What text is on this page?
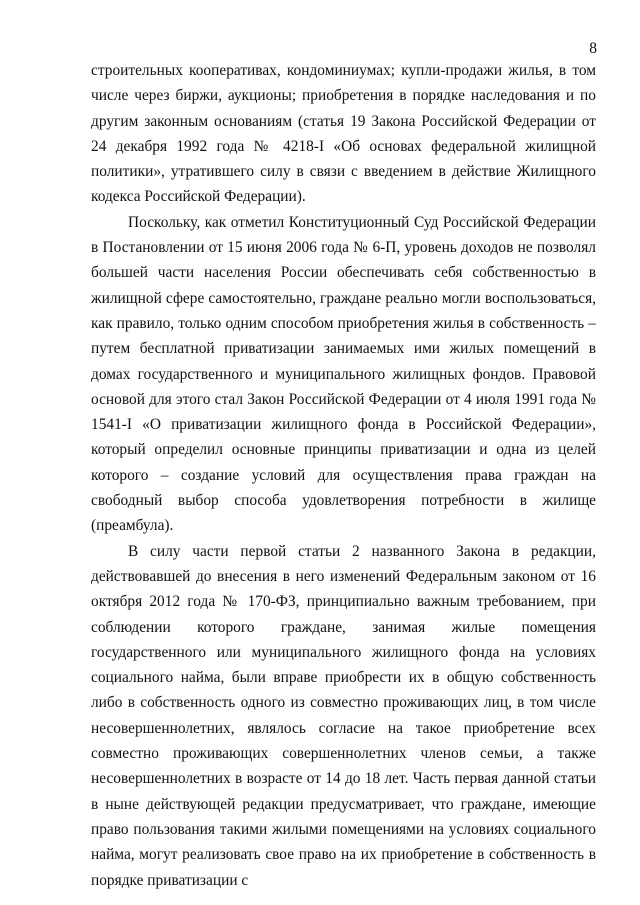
8

строительных кооперативах, кондоминиумах; купли-продажи жилья, в том числе через биржи, аукционы; приобретения в порядке наследования и по другим законным основаниям (статья 19 Закона Российской Федерации от 24 декабря 1992 года № 4218-I «Об основах федеральной жилищной политики», утратившего силу в связи с введением в действие Жилищного кодекса Российской Федерации).

Поскольку, как отметил Конституционный Суд Российской Федерации в Постановлении от 15 июня 2006 года № 6-П, уровень доходов не позволял большей части населения России обеспечивать себя собственностью в жилищной сфере самостоятельно, граждане реально могли воспользоваться, как правило, только одним способом приобретения жилья в собственность – путем бесплатной приватизации занимаемых ими жилых помещений в домах государственного и муниципального жилищных фондов. Правовой основой для этого стал Закон Российской Федерации от 4 июля 1991 года № 1541-I «О приватизации жилищного фонда в Российской Федерации», который определил основные принципы приватизации и одна из целей которого – создание условий для осуществления права граждан на свободный выбор способа удовлетворения потребности в жилище (преамбула).

В силу части первой статьи 2 названного Закона в редакции, действовавшей до внесения в него изменений Федеральным законом от 16 октября 2012 года № 170-ФЗ, принципиально важным требованием, при соблюдении которого граждане, занимая жилые помещения государственного или муниципального жилищного фонда на условиях социального найма, были вправе приобрести их в общую собственность либо в собственность одного из совместно проживающих лиц, в том числе несовершеннолетних, являлось согласие на такое приобретение всех совместно проживающих совершеннолетних членов семьи, а также несовершеннолетних в возрасте от 14 до 18 лет. Часть первая данной статьи в ныне действующей редакции предусматривает, что граждане, имеющие право пользования такими жилыми помещениями на условиях социального найма, могут реализовать свое право на их приобретение в собственность в порядке приватизации с
